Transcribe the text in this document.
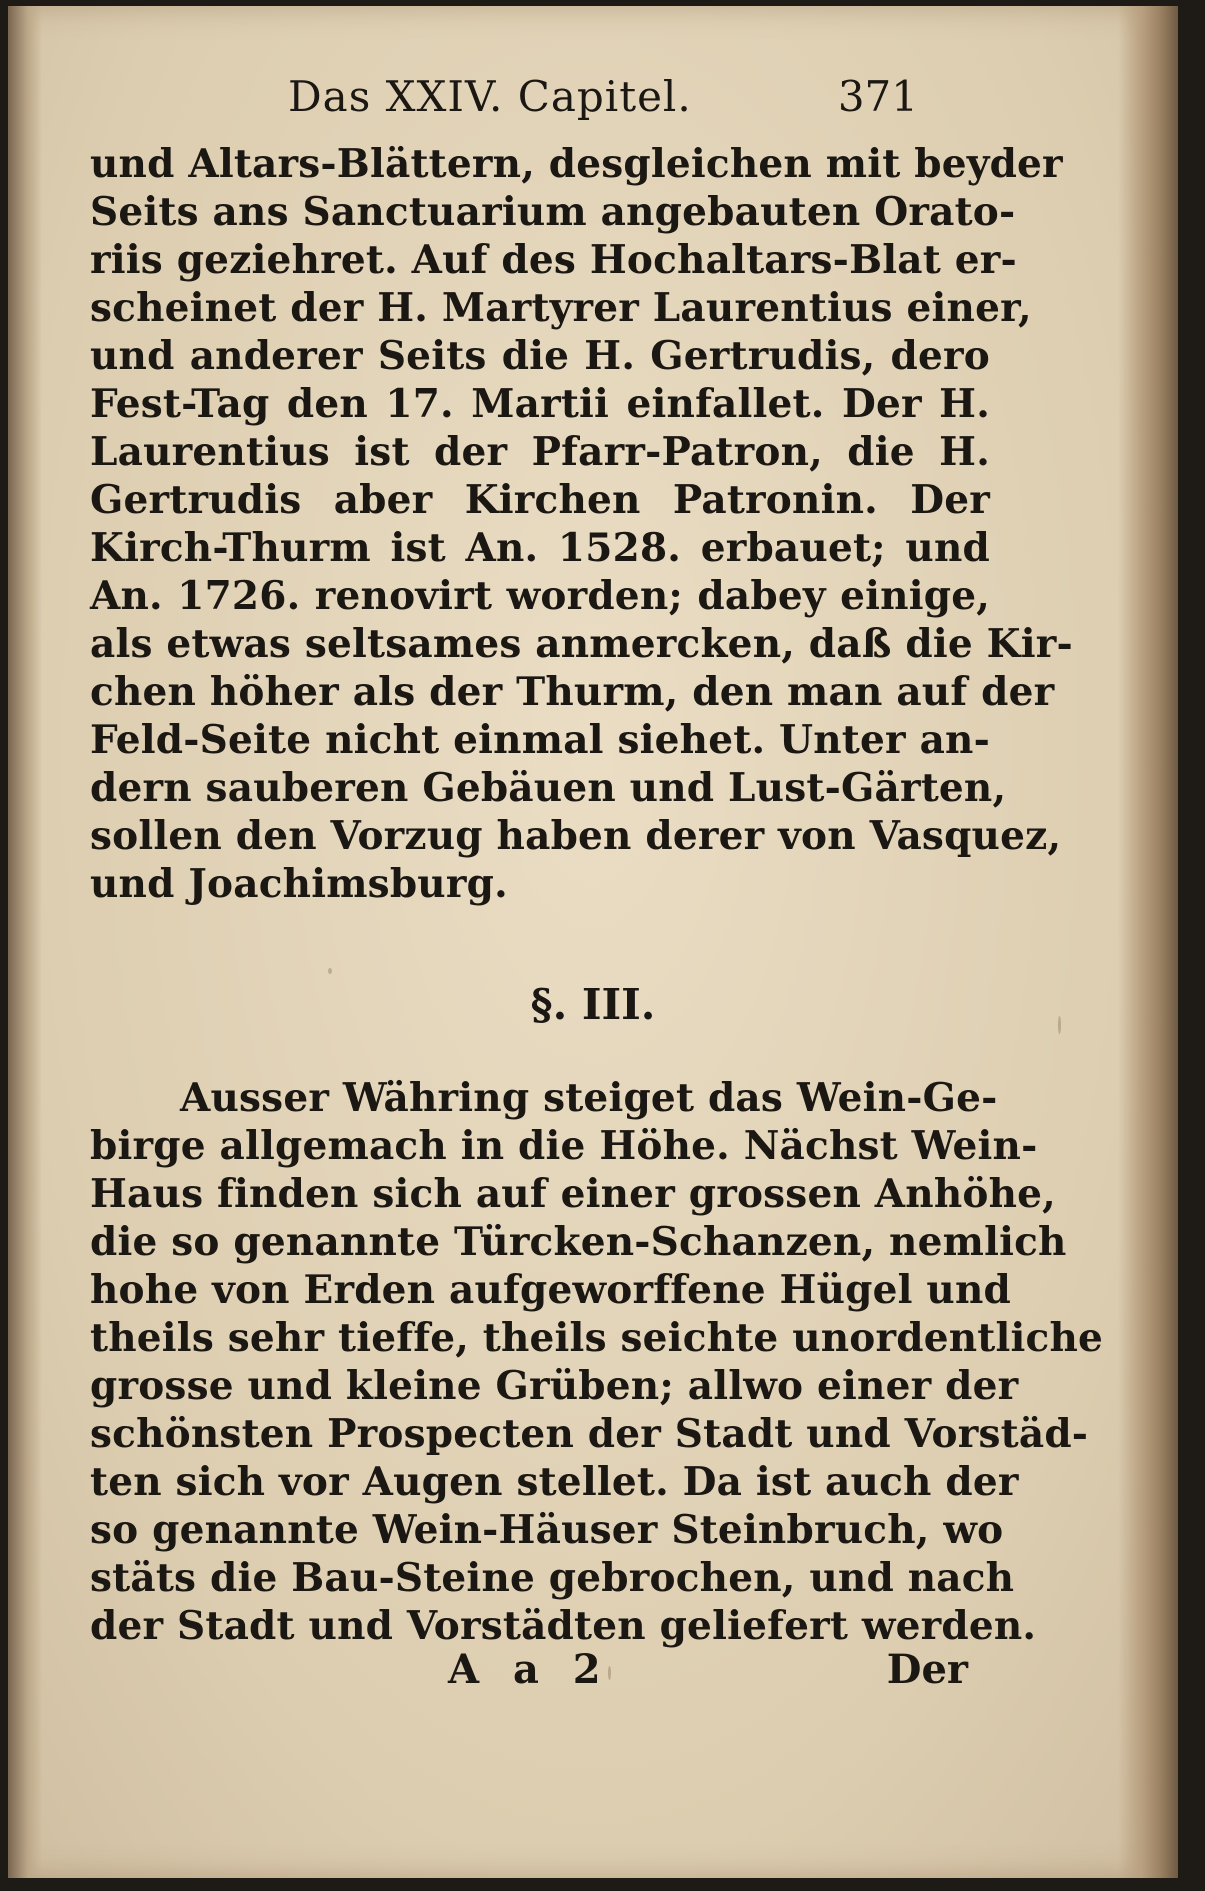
Das XXIV. Capitel.	371
und Altars-Blättern, desgleichen mit beyder
Seits ans Sanctuarium angebauten Orato-
riis geziehret. Auf des Hochaltars-Blat er-
scheinet der H. Martyrer Laurentius einer,
und anderer Seits die H. Gertrudis, dero
Fest-Tag den 17. Martii einfallet. Der H.
Laurentius ist der Pfarr-Patron, die H.
Gertrudis aber Kirchen Patronin. Der
Kirch-Thurm ist An. 1528. erbauet; und
An. 1726. renovirt worden; dabey einige,
als etwas seltsames anmercken, daß die Kir-
chen höher als der Thurm, den man auf der
Feld-Seite nicht einmal siehet. Unter an-
dern sauberen Gebäuen und Lust-Gärten,
sollen den Vorzug haben derer von Vasquez,
und Joachimsburg.
§. III.
Ausser Währing steiget das Wein-Ge-
birge allgemach in die Höhe. Nächst Wein-
Haus finden sich auf einer grossen Anhöhe,
die so genannte Türcken-Schanzen, nemlich
hohe von Erden aufgeworffene Hügel und
theils sehr tieffe, theils seichte unordentliche
grosse und kleine Grüben; allwo einer der
schönsten Prospecten der Stadt und Vorstäd-
ten sich vor Augen stellet. Da ist auch der
so genannte Wein-Häuser Steinbruch, wo
stäts die Bau-Steine gebrochen, und nach
der Stadt und Vorstädten geliefert werden.
A a 2	Der
